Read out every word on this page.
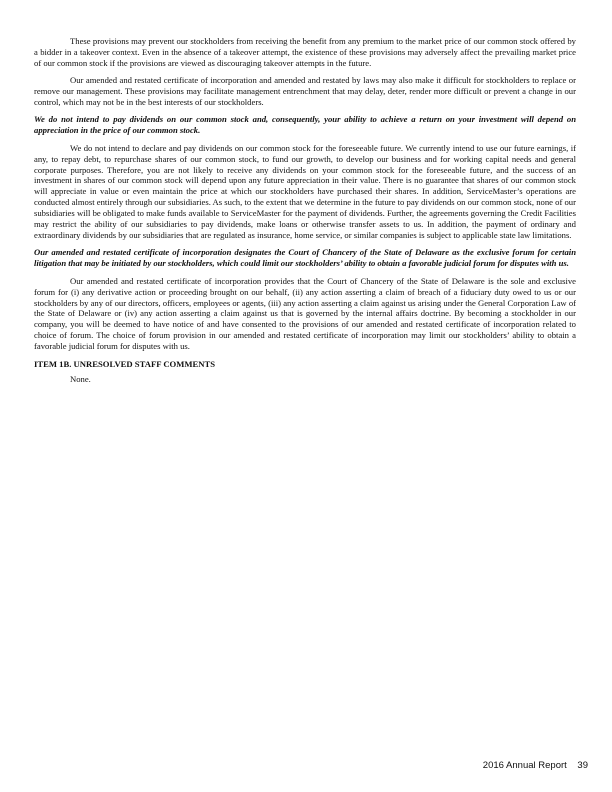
These provisions may prevent our stockholders from receiving the benefit from any premium to the market price of our common stock offered by a bidder in a takeover context. Even in the absence of a takeover attempt, the existence of these provisions may adversely affect the prevailing market price of our common stock if the provisions are viewed as discouraging takeover attempts in the future.

Our amended and restated certificate of incorporation and amended and restated by laws may also make it difficult for stockholders to replace or remove our management. These provisions may facilitate management entrenchment that may delay, deter, render more difficult or prevent a change in our control, which may not be in the best interests of our stockholders.

We do not intend to pay dividends on our common stock and, consequently, your ability to achieve a return on your investment will depend on appreciation in the price of our common stock.

We do not intend to declare and pay dividends on our common stock for the foreseeable future. We currently intend to use our future earnings, if any, to repay debt, to repurchase shares of our common stock, to fund our growth, to develop our business and for working capital needs and general corporate purposes. Therefore, you are not likely to receive any dividends on your common stock for the foreseeable future, and the success of an investment in shares of our common stock will depend upon any future appreciation in their value. There is no guarantee that shares of our common stock will appreciate in value or even maintain the price at which our stockholders have purchased their shares. In addition, ServiceMaster’s operations are conducted almost entirely through our subsidiaries. As such, to the extent that we determine in the future to pay dividends on our common stock, none of our subsidiaries will be obligated to make funds available to ServiceMaster for the payment of dividends. Further, the agreements governing the Credit Facilities may restrict the ability of our subsidiaries to pay dividends, make loans or otherwise transfer assets to us. In addition, the payment of ordinary and extraordinary dividends by our subsidiaries that are regulated as insurance, home service, or similar companies is subject to applicable state law limitations.

Our amended and restated certificate of incorporation designates the Court of Chancery of the State of Delaware as the exclusive forum for certain litigation that may be initiated by our stockholders, which could limit our stockholders’ ability to obtain a favorable judicial forum for disputes with us.

Our amended and restated certificate of incorporation provides that the Court of Chancery of the State of Delaware is the sole and exclusive forum for (i) any derivative action or proceeding brought on our behalf, (ii) any action asserting a claim of breach of a fiduciary duty owed to us or our stockholders by any of our directors, officers, employees or agents, (iii) any action asserting a claim against us arising under the General Corporation Law of the State of Delaware or (iv) any action asserting a claim against us that is governed by the internal affairs doctrine. By becoming a stockholder in our company, you will be deemed to have notice of and have consented to the provisions of our amended and restated certificate of incorporation related to choice of forum. The choice of forum provision in our amended and restated certificate of incorporation may limit our stockholders’ ability to obtain a favorable judicial forum for disputes with us.

ITEM 1B. UNRESOLVED STAFF COMMENTS

None.

2016 Annual Report 39
